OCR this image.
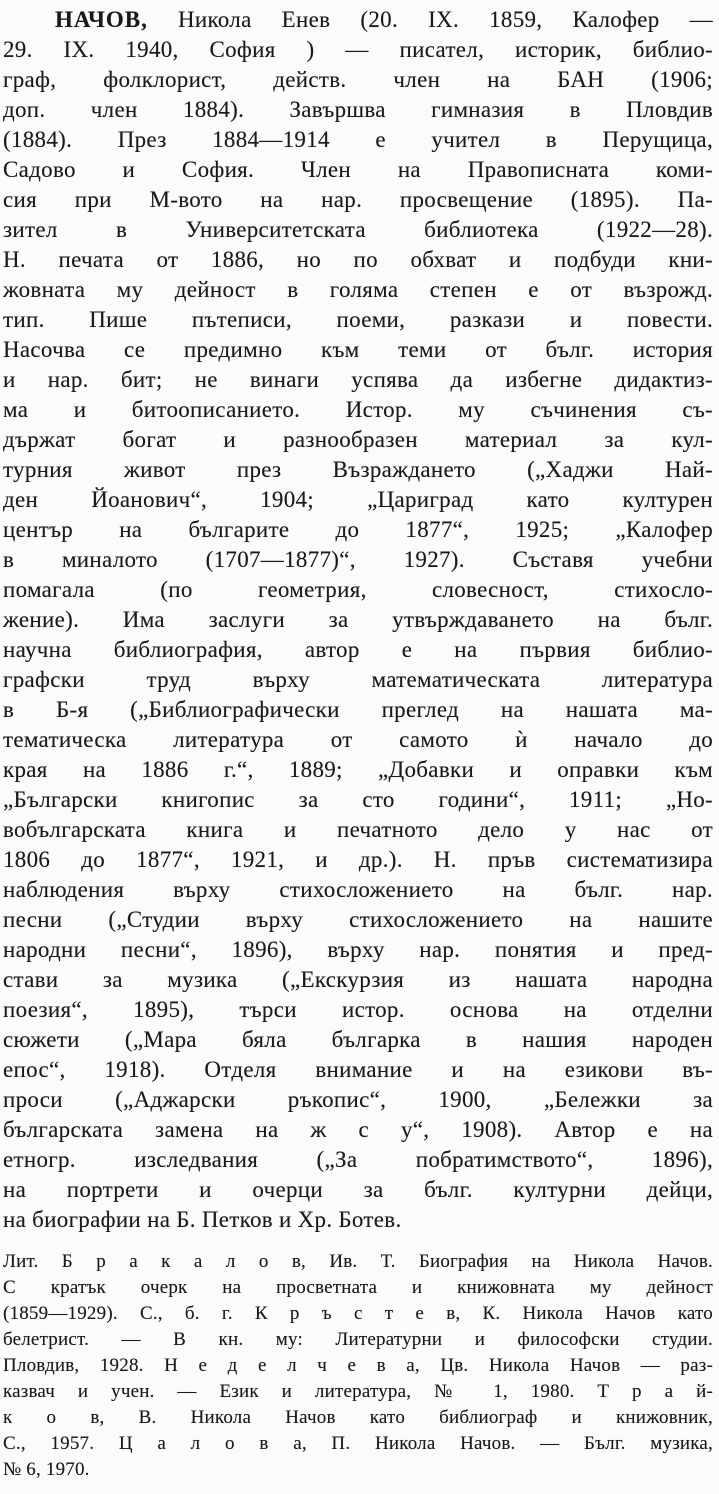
НАЧОВ, Никола Енев (20. IX. 1859, Калофер —

29. IX. 1940, София ) — писател, историк, библио-
граф, фолклорист, действ. член на БАН (1906;
доп. член 1884). Завършва гимназия в Пловдив
(1884). През 1884—1914 е учител в Перущица,
Садово и София. Член на Правописната коми-
сия при М-вото на нар. просвещение (1895). Па-
зител в Университетската библиотека (1922—28).
Н. печата от 1886, но по обхват и подбуди кни-
жовната му дейност в голяма степен е от възрожд.
тип. Пише пътеписи, поеми, разкази и повести.
Насочва се предимно към теми от бълг. история
и нар. бит; не винаги успява да избегне дидактиз-
ма и битоописанието. Истор. му съчинения съ-
държат богат и разнообразен материал за кул-
турния живот през Възраждането („Хаджи Най-
ден Йоанович“, 1904; „Цариград като културен
център на българите до 1877“, 1925; „Калофер
в миналото (1707—1877)“, 1927). Съставя учебни
помагала (по геометрия, словесност, стихосло-
жение). Има заслуги за утвърждаването на бълг.
научна библиография, автор е на първия библио-
графски труд върху математическата литература
в Б-я („Библиографически преглед на нашата ма-
тематическа литература от самото ѝ начало до
края на 1886 г.“, 1889; „Добавки и оправки към
„Български книгопис за сто години“, 1911; „Но-
вобългарската книга и печатното дело у нас от
1806 до 1877“, 1921, и др.). Н. пръв систематизира
наблюдения върху стихосложението на бълг. нар.
песни („Студии върху стихосложението на нашите
народни песни“, 1896), върху нар. понятия и пред-
стави за музика („Екскурзия из нашата народна
поезия“, 1895), търси истор. основа на отделни
сюжети („Мара бяла българка в нашия народен
епос“, 1918). Отделя внимание и на езикови въ-
проси („Аджарски ръкопис“, 1900, „Бележки за
българската замена на ж с у“, 1908). Автор е на
етногр. изследвания („За побратимството“, 1896),
на портрети и очерци за бълг. културни дейци,
на биографии на Б. Петков и Хр. Ботев.
Лит. Б р а к а л о в, Ив. Т. Биография на Никола Начов.
С кратък очерк на просветната и книжовната му дейност
(1859—1929). С., б. г. К р ъ с т е в, К. Никола Начов като
белетрист. — В кн. му: Литературни и философски студии.
Пловдив, 1928. Н е д е л ч е в а, Цв. Никола Начов — раз-
казвач и учен. — Език и литература, № 1, 1980. Т р а й-
к о в, В. Никола Начов като библиограф и книжовник,
С., 1957. Ц а л о в а, П. Никола Начов. — Бълг. музика,
№ 6, 1970.
